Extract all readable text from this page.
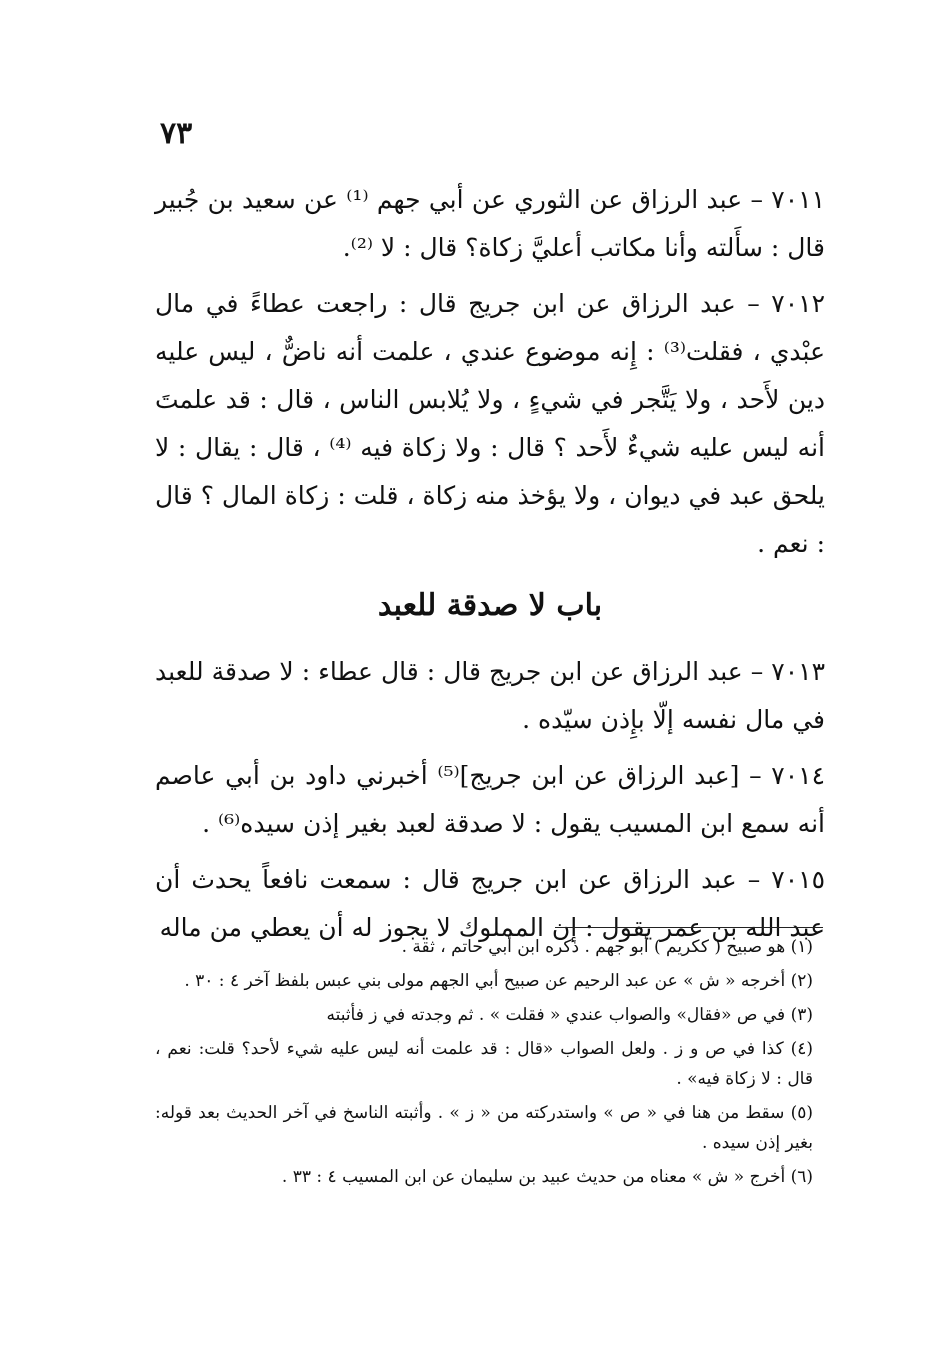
٧٣

٧٠١١ – عبد الرزاق عن الثوري عن أبي جهم ⁽¹⁾ عن سعيد بن جُبير قال : سأَلته وأنا مكاتب أعليَّ زكاة؟ قال : لا ⁽²⁾.

٧٠١٢ – عبد الرزاق عن ابن جريج قال : راجعت عطاءً في مال عبْدي ، فقلت⁽³⁾ : إِنه موضوع عندي ، علمت أنه ناضٌّ ، ليس عليه دين لأَحد ، ولا يَتَّجر في شيءٍ ، ولا يُلابس الناس ، قال : قد علمتَ أنه ليس عليه شيءٌ لأَحد ؟ قال : ولا زكاة فيه ⁽⁴⁾ ، قال : يقال : لا يلحق عبد في ديوان ، ولا يؤخذ منه زكاة ، قلت : زكاة المال ؟ قال : نعم .

باب لا صدقة للعبد

٧٠١٣ – عبد الرزاق عن ابن جريج قال : قال عطاء : لا صدقة للعبد في مال نفسه إلّا بإِذن سيّده .

٧٠١٤ – [عبد الرزاق عن ابن جريج]⁽⁵⁾ أخبرني داود بن أبي عاصم أنه سمع ابن المسيب يقول : لا صدقة لعبد بغير إذن سيده⁽⁶⁾ .

٧٠١٥ – عبد الرزاق عن ابن جريج قال : سمعت نافعاً يحدث أن عبد الله بن عمر يقول : إن المملوك لا يجوز له أن يعطي من ماله

(١) هو صبيح ( ككريم ) أبو جهم . ذكره ابن أبي حاتم ، ثقة .

(٢) أخرجه « ش » عن عبد الرحيم عن صبيح أبي الجهم مولى بني عبس بلفظ آخر ٤ : ٣٠ .

(٣) في ص «فقال» والصواب عندي « فقلت » . ثم وجدته في ز فأثبته

(٤) كذا في ص و ز . ولعل الصواب «قال : قد علمت أنه ليس عليه شيء لأحد؟ قلت: نعم ، قال : لا زكاة فيه» .

(٥) سقط من هنا في « ص » واستدركته من « ز » . وأثبته الناسخ في آخر الحديث بعد قوله: بغير إذن سيده .

(٦) أخرج « ش » معناه من حديث عبيد بن سليمان عن ابن المسيب ٤ : ٣٣ .
